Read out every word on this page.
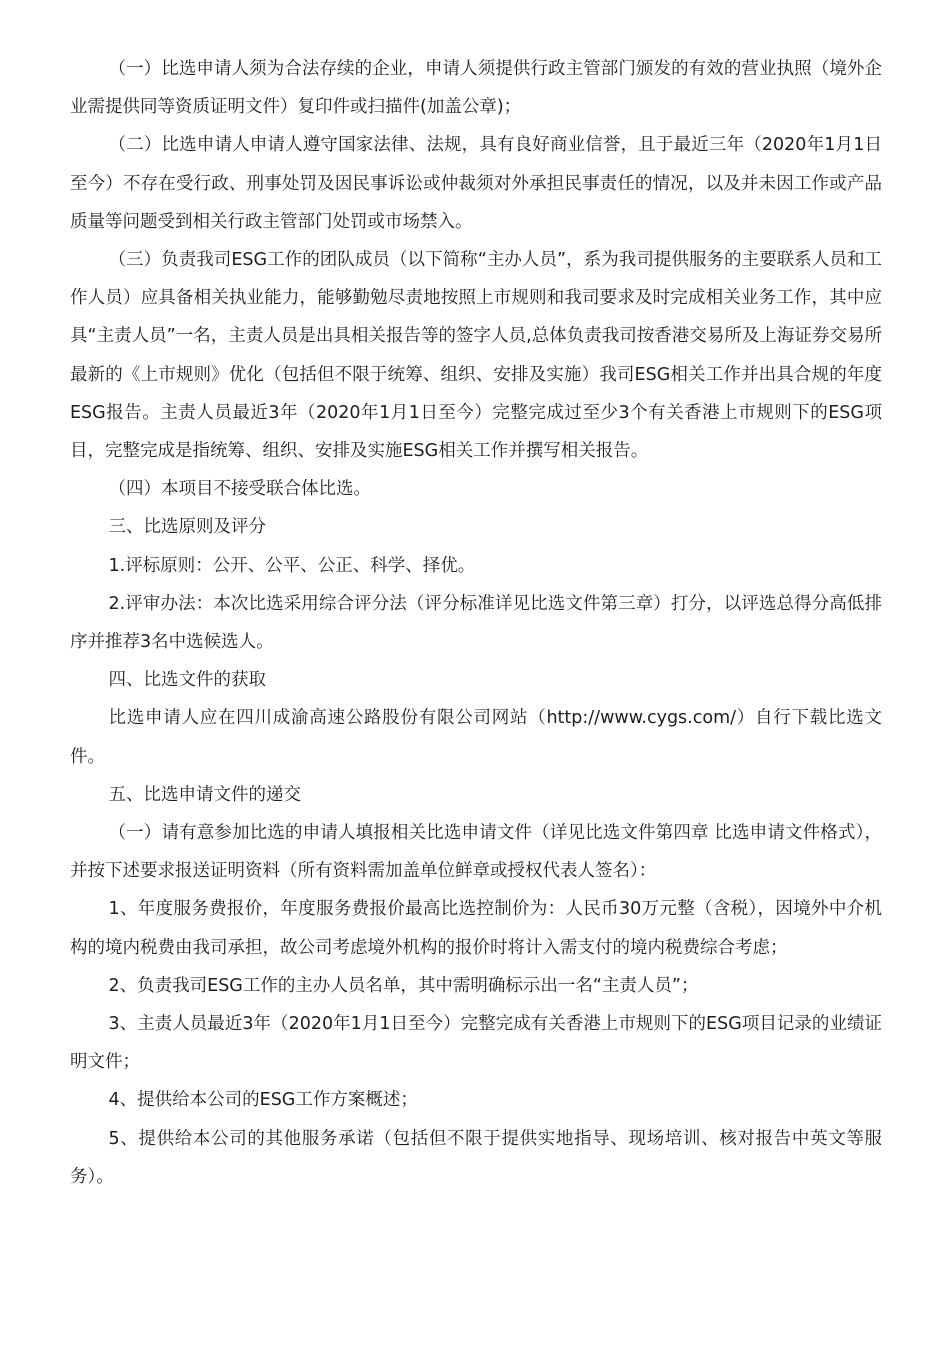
（一）比选申请人须为合法存续的企业，申请人须提供行政主管部门颁发的有效的营业执照（境外企业需提供同等资质证明文件）复印件或扫描件(加盖公章)；

（二）比选申请人申请人遵守国家法律、法规，具有良好商业信誉，且于最近三年（2020年1月1日至今）不存在受行政、刑事处罚及因民事诉讼或仲裁须对外承担民事责任的情况，以及并未因工作或产品质量等问题受到相关行政主管部门处罚或市场禁入。

（三）负责我司ESG工作的团队成员（以下简称“主办人员”，系为我司提供服务的主要联系人员和工作人员）应具备相关执业能力，能够勤勉尽责地按照上市规则和我司要求及时完成相关业务工作，其中应具“主责人员”一名，主责人员是出具相关报告等的签字人员,总体负责我司按香港交易所及上海证券交易所最新的《上市规则》优化（包括但不限于统筹、组织、安排及实施）我司ESG相关工作并出具合规的年度ESG报告。主责人员最近3年（2020年1月1日至今）完整完成过至少3个有关香港上市规则下的ESG项目，完整完成是指统筹、组织、安排及实施ESG相关工作并撰写相关报告。

（四）本项目不接受联合体比选。

三、比选原则及评分

1.评标原则：公开、公平、公正、科学、择优。

2.评审办法：本次比选采用综合评分法（评分标准详见比选文件第三章）打分，以评选总得分高低排序并推荐3名中选候选人。

四、比选文件的获取

比选申请人应在四川成渝高速公路股份有限公司网站（http://www.cygs.com/）自行下载比选文件。

五、比选申请文件的递交

（一）请有意参加比选的申请人填报相关比选申请文件（详见比选文件第四章 比选申请文件格式），并按下述要求报送证明资料（所有资料需加盖单位鲜章或授权代表人签名）：

1、年度服务费报价，年度服务费报价最高比选控制价为：人民币30万元整（含税），因境外中介机构的境内税费由我司承担，故公司考虑境外机构的报价时将计入需支付的境内税费综合考虑；

2、负责我司ESG工作的主办人员名单，其中需明确标示出一名“主责人员”；

3、主责人员最近3年（2020年1月1日至今）完整完成有关香港上市规则下的ESG项目记录的业绩证明文件；

4、提供给本公司的ESG工作方案概述；

5、提供给本公司的其他服务承诺（包括但不限于提供实地指导、现场培训、核对报告中英文等服务）。
